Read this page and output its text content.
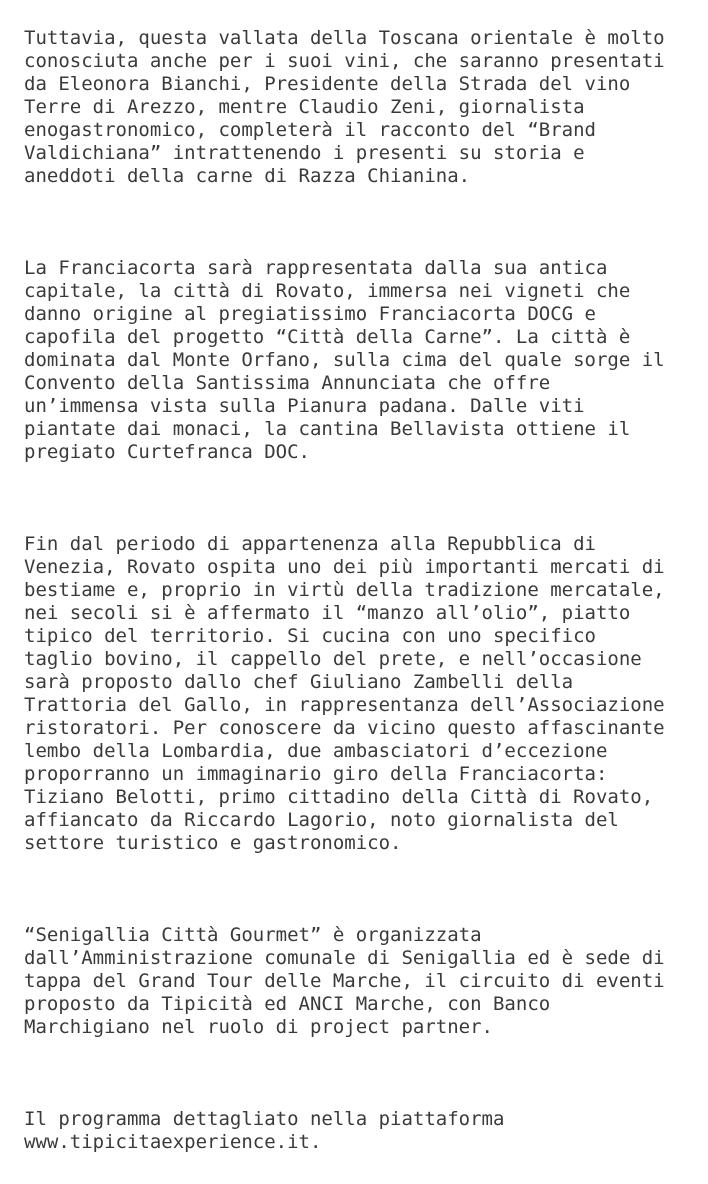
Tuttavia, questa vallata della Toscana orientale è molto
conosciuta anche per i suoi vini, che saranno presentati
da Eleonora Bianchi, Presidente della Strada del vino
Terre di Arezzo, mentre Claudio Zeni, giornalista
enogastronomico, completerà il racconto del “Brand
Valdichiana” intrattenendo i presenti su storia e
aneddoti della carne di Razza Chianina.
La Franciacorta sarà rappresentata dalla sua antica
capitale, la città di Rovato, immersa nei vigneti che
danno origine al pregiatissimo Franciacorta DOCG e
capofila del progetto “Città della Carne”. La città è
dominata dal Monte Orfano, sulla cima del quale sorge il
Convento della Santissima Annunciata che offre
un’immensa vista sulla Pianura padana. Dalle viti
piantate dai monaci, la cantina Bellavista ottiene il
pregiato Curtefranca DOC.
Fin dal periodo di appartenenza alla Repubblica di
Venezia, Rovato ospita uno dei più importanti mercati di
bestiame e, proprio in virtù della tradizione mercatale,
nei secoli si è affermato il “manzo all’olio”, piatto
tipico del territorio. Si cucina con uno specifico
taglio bovino, il cappello del prete, e nell’occasione
sarà proposto dallo chef Giuliano Zambelli della
Trattoria del Gallo, in rappresentanza dell’Associazione
ristoratori. Per conoscere da vicino questo affascinante
lembo della Lombardia, due ambasciatori d’eccezione
proporranno un immaginario giro della Franciacorta:
Tiziano Belotti, primo cittadino della Città di Rovato,
affiancato da Riccardo Lagorio, noto giornalista del
settore turistico e gastronomico.
“Senigallia Città Gourmet” è organizzata
dall’Amministrazione comunale di Senigallia ed è sede di
tappa del Grand Tour delle Marche, il circuito di eventi
proposto da Tipicità ed ANCI Marche, con Banco
Marchigiano nel ruolo di project partner.
Il programma dettagliato nella piattaforma
www.tipicitaexperience.it.
